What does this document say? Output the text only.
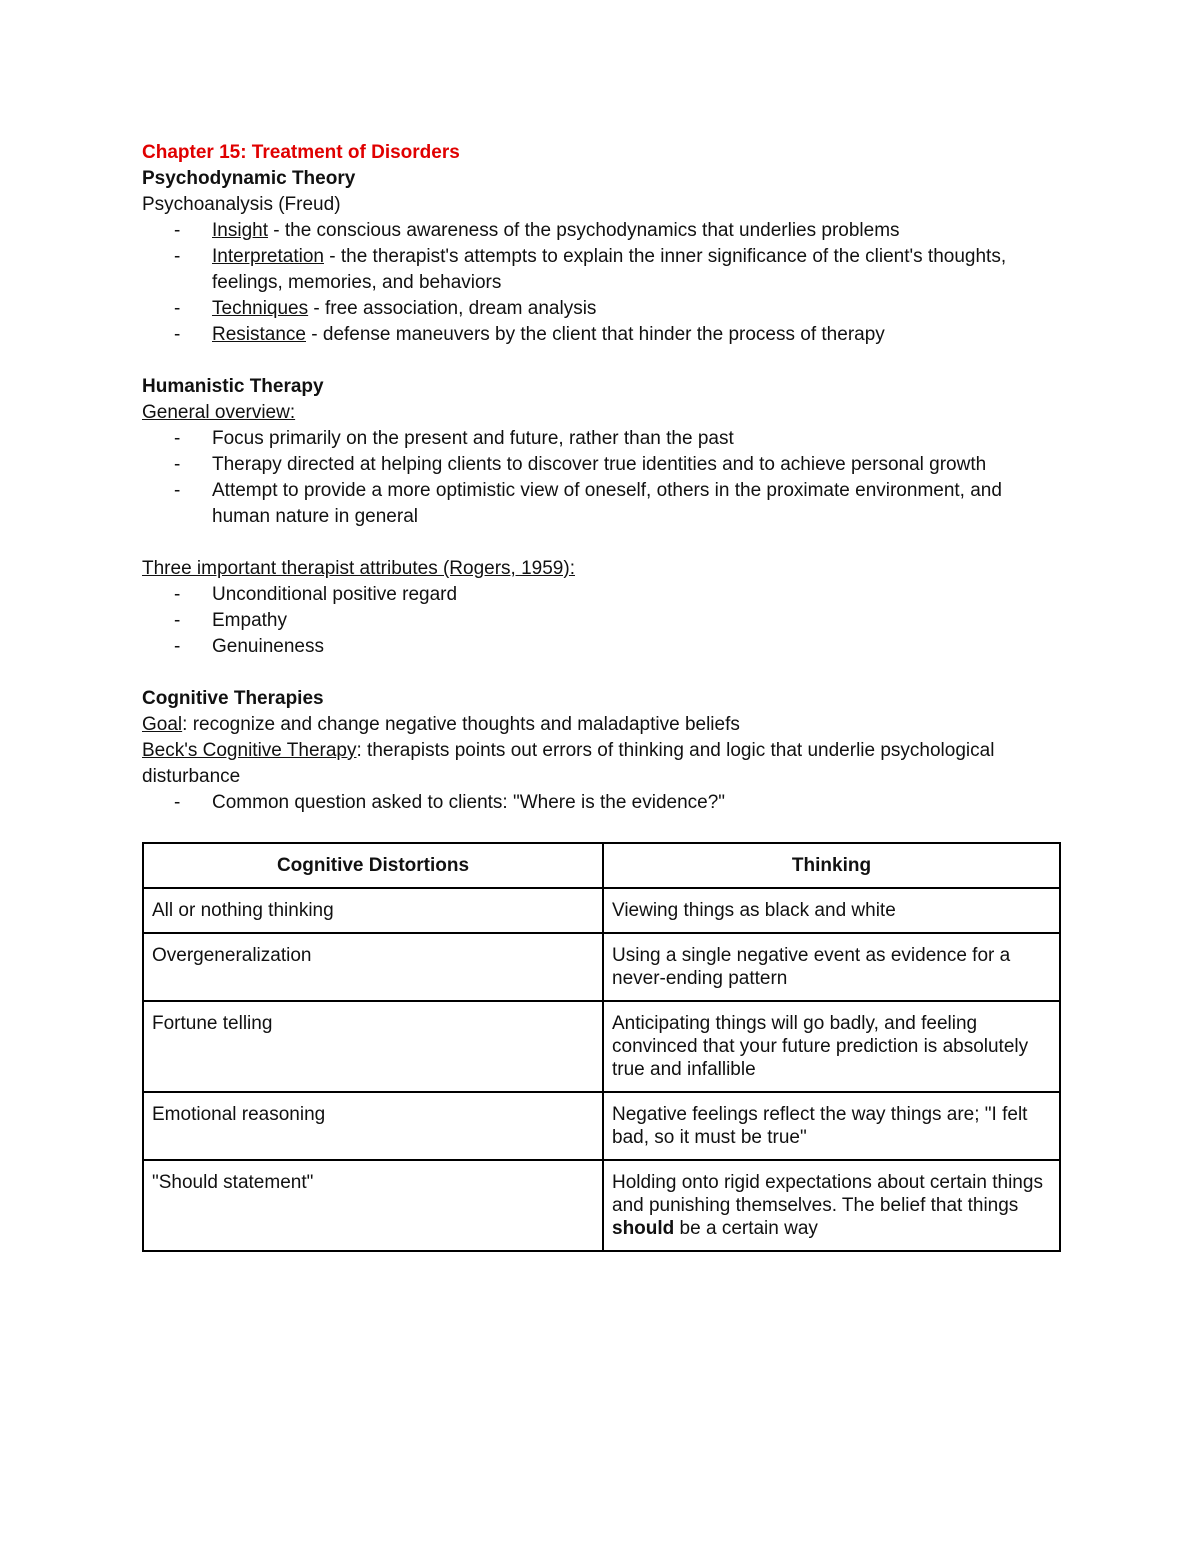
Chapter 15: Treatment of Disorders
Psychodynamic Theory
Psychoanalysis (Freud)
- Insight - the conscious awareness of the psychodynamics that underlies problems
- Interpretation - the therapist's attempts to explain the inner significance of the client's thoughts, feelings, memories, and behaviors
- Techniques - free association, dream analysis
- Resistance - defense maneuvers by the client that hinder the process of therapy
Humanistic Therapy
General overview:
- Focus primarily on the present and future, rather than the past
- Therapy directed at helping clients to discover true identities and to achieve personal growth
- Attempt to provide a more optimistic view of oneself, others in the proximate environment, and human nature in general
Three important therapist attributes (Rogers, 1959):
- Unconditional positive regard
- Empathy
- Genuineness
Cognitive Therapies
Goal: recognize and change negative thoughts and maladaptive beliefs
Beck's Cognitive Therapy: therapists points out errors of thinking and logic that underlie psychological disturbance
- Common question asked to clients: "Where is the evidence?"
Cognitive Distortions	Thinking
All or nothing thinking	Viewing things as black and white
Overgeneralization	Using a single negative event as evidence for a never-ending pattern
Fortune telling	Anticipating things will go badly, and feeling convinced that your future prediction is absolutely true and infallible
Emotional reasoning	Negative feelings reflect the way things are; "I felt bad, so it must be true"
"Should statement"	Holding onto rigid expectations about certain things and punishing themselves. The belief that things should be a certain way
